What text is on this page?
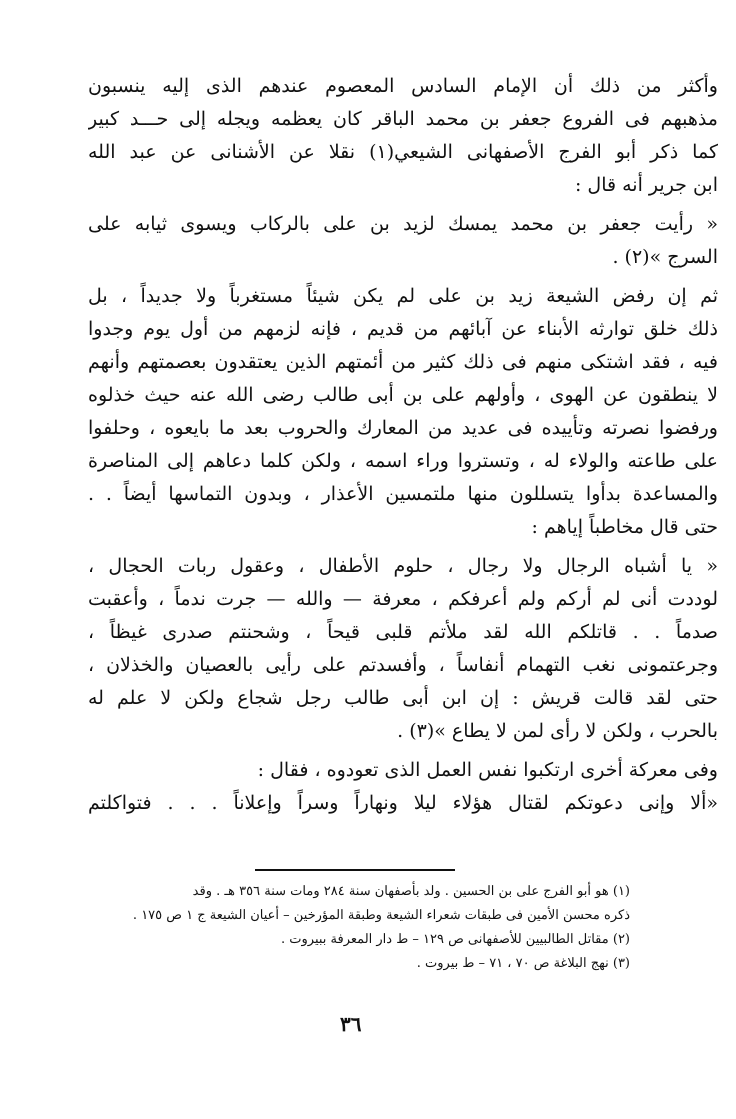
وأكثر من ذلك أن الإمام السادس المعصوم عندهم الذى إليه ينسبون
مذهبهم فى الفروع جعفر بن محمد الباقر كان يعظمه ويجله إلى حـــد كبير
كما ذكر أبو الفرج الأصفهانى الشيعي(١) نقلا عن الأشنانى عن عبد الله
ابن جرير أنه قال :

« رأيت جعفر بن محمد يمسك لزيد بن على بالركاب ويسوى ثيابه على
السرج »(٢) .

ثم إن رفض الشيعة زيد بن على لم يكن شيئاً مستغرباً ولا جديداً ، بل
ذلك خلق توارثه الأبناء عن آبائهم من قديم ، فإنه لزمهم من أول يوم وجدوا
فيه ، فقد اشتكى منهم فى ذلك كثير من أئمتهم الذين يعتقدون بعصمتهم وأنهم
لا ينطقون عن الهوى ، وأولهم على بن أبى طالب رضى الله عنه حيث خذلوه
ورفضوا نصرته وتأييده فى عديد من المعارك والحروب بعد ما بايعوه ، وحلفوا
على طاعته والولاء له ، وتستروا وراء اسمه ، ولكن كلما دعاهم إلى المناصرة
والمساعدة بدأوا يتسللون منها ملتمسين الأعذار ، وبدون التماسها أيضاً . .
حتى قال مخاطباً إياهم :

« يا أشباه الرجال ولا رجال ، حلوم الأطفال ، وعقول ربات الحجال ،
لوددت أنى لم أركم ولم أعرفكم ، معرفة — والله — جرت ندماً ، وأعقبت
صدماً . . قاتلكم الله لقد ملأتم قلبى قيحاً ، وشحنتم صدرى غيظاً ،
وجرعتمونى نغب التهمام أنفاساً ، وأفسدتم على رأيى بالعصيان والخذلان ،
حتى لقد قالت قريش : إن ابن أبى طالب رجل شجاع ولكن لا علم له
بالحرب ، ولكن لا رأى لمن لا يطاع »(٣) .

وفى معركة أخرى ارتكبوا نفس العمل الذى تعودوه ، فقال :
«ألا وإنى دعوتكم لقتال هؤلاء ليلا ونهاراً وسراً وإعلاناً . . . فتواكلتم

(١) هو أبو الفرج على بن الحسين . ولد بأصفهان سنة ٢٨٤ ومات سنة ٣٥٦ هـ . وقد
ذكره محسن الأمين فى طبقات شعراء الشيعة وطبقة المؤرخين – أعيان الشيعة ج ١ ص ١٧٥ .
(٢) مقاتل الطالبيين للأصفهانى ص ١٢٩ – ط دار المعرفة ببيروت .
(٣) نهج البلاغة ص ٧٠ ، ٧١ – ط بيروت .
٣٦
